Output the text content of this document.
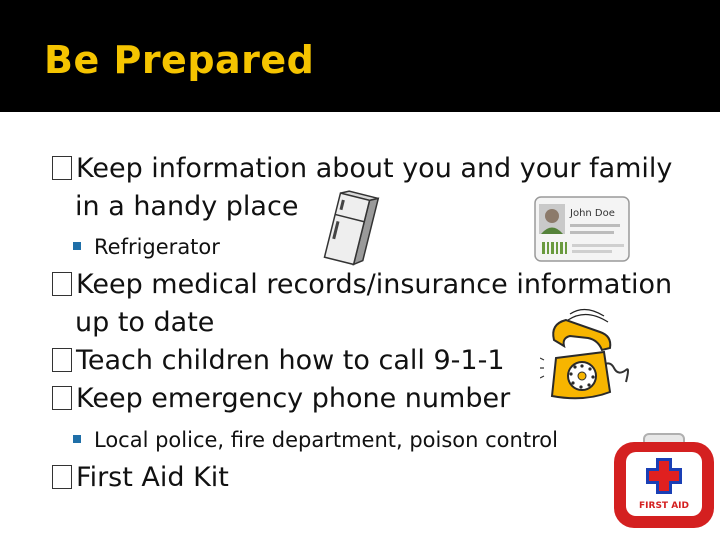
Be Prepared
Keep information about you and your family
in a handy place
Refrigerator
Keep medical records/insurance information
up to date
Teach children how to call 9-1-1
Keep emergency phone number
Local police, fire department, poison control
First Aid Kit
John Doe
FIRST AID
